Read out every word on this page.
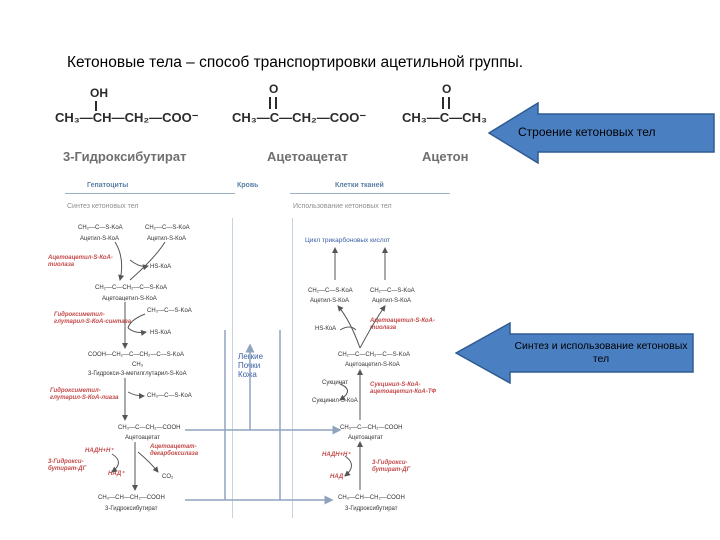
Кетоновые тела – способ транспортировки ацетильной группы.
OH
CH₃—CH—CH₂—COO⁻
3-Гидроксибутират
O
CH₃—C—CH₂—COO⁻
Ацетоацетат
O
CH₃—C—CH₃
Ацетон
Строение кетоновых тел
Гепатоциты	Кровь	Клетки тканей
Синтез кетоновых тел	Использование кетоновых тел
CH₂—C—S-KoA	CH₂—C—S-KoA
Ацетил-S-КоА	Ацетил-S-КоА
Ацетоацетил-S-КоА-тиолаза	HS-КоА
CH₂—C—CH₂—C—S-KoA
Ацетоацетил-S-КоА
Гидроксиметил-глутарил-S-КоА-синтаза
CH₃—C—S-KoA
HS-КоА
COOH—CH₂—C—CH₂—C—S-KoA
CH₃
3-Гидрокси-3-метилглутарил-S-КоА
Гидроксиметил-глутарил-S-КоА-лиаза	CH₃—C—S-KoA
CH₃—C—CH₂—COOH
Ацетоацетат
Ацетоацетат-декарбоксилаза
НАДН+Н⁺
3-Гидрокси-бутират-ДГ
НАД⁺	CO₂
CH₃—CH—CH₂—COOH
3-Гидроксибутират
Легкие
Почки
Кожа
Цикл трикарбоновых кислот
CH₂—C—S-KoA	CH₂—C—S-KoA
Ацетил-S-КоА	Ацетил-S-КоА
HS-КоА
Ацетоацетил-S-КоА-тиолаза
CH₂—C—CH₂—C—S-KoA
Ацетоацетил-S-КоА
Сукцинат	Сукцинил-S-КоА-ацетоацетил-КоА-ТФ
Сукцинил-S-КоА
CH₃—C—CH₂—COOH
Ацетоацетат
НАДН+Н⁺
3-Гидрокси-бутират-ДГ
НАД⁺
CH₃—CH—CH₂—COOH
3-Гидроксибутират
Синтез и использование кетоновых тел
